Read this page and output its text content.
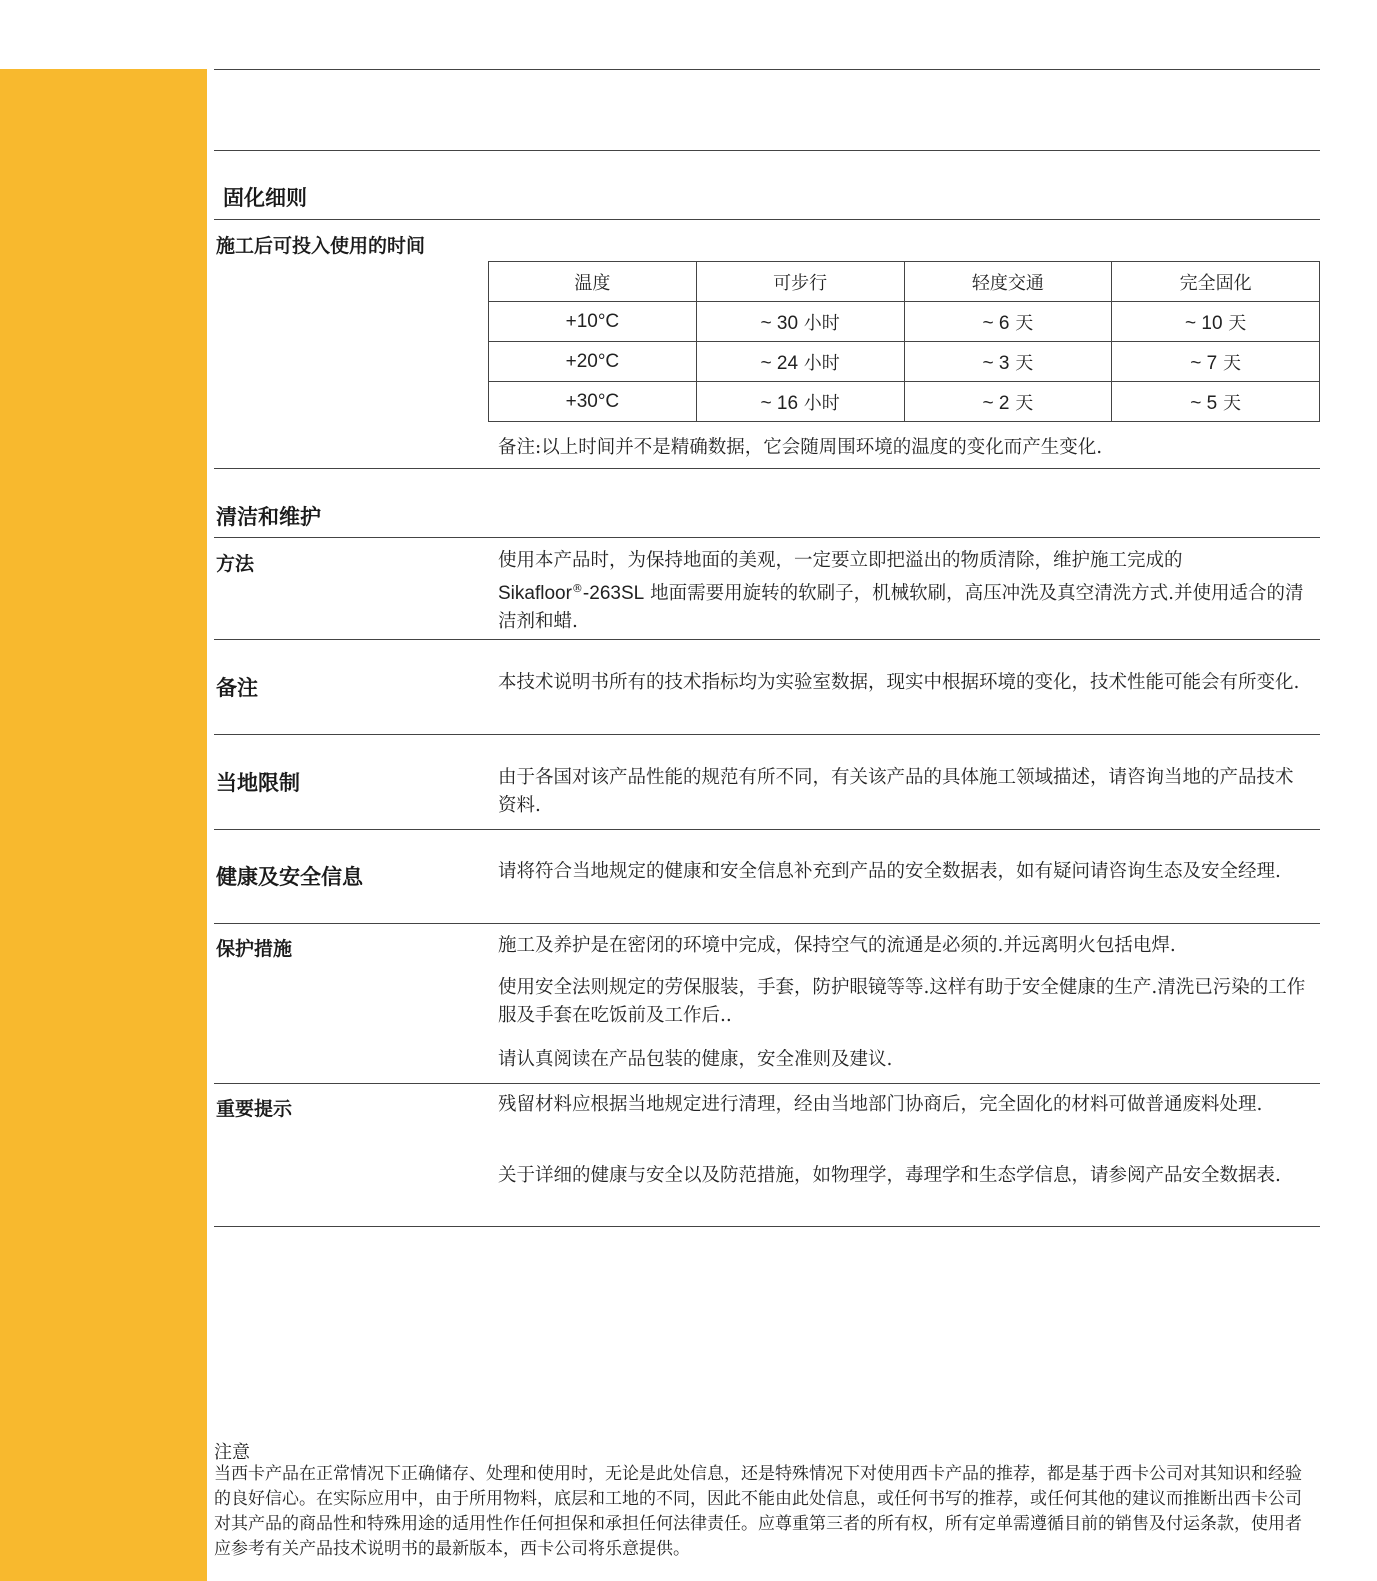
固化细则
施工后可投入使用的时间
温度	可步行	轻度交通	完全固化
+10°C	~ 30 小时	~ 6 天	~ 10 天
+20°C	~ 24 小时	~ 3 天	~ 7 天
+30°C	~ 16 小时	~ 2 天	~ 5 天
备注:以上时间并不是精确数据，它会随周围环境的温度的变化而产生变化.
清洁和维护
方法	使用本产品时，为保持地面的美观，一定要立即把溢出的物质清除，维护施工完成的 Sikafloor®-263SL 地面需要用旋转的软刷子，机械软刷，高压冲洗及真空清洗方式.并使用适合的清洁剂和蜡.
备注	本技术说明书所有的技术指标均为实验室数据，现实中根据环境的变化，技术性能可能会有所变化.
当地限制	由于各国对该产品性能的规范有所不同，有关该产品的具体施工领域描述，请咨询当地的产品技术资料.
健康及安全信息	请将符合当地规定的健康和安全信息补充到产品的安全数据表，如有疑问请咨询生态及安全经理.
保护措施	施工及养护是在密闭的环境中完成，保持空气的流通是必须的.并远离明火包括电焊.
使用安全法则规定的劳保服装，手套，防护眼镜等等.这样有助于安全健康的生产.清洗已污染的工作服及手套在吃饭前及工作后..
请认真阅读在产品包装的健康，安全准则及建议.
重要提示	残留材料应根据当地规定进行清理，经由当地部门协商后，完全固化的材料可做普通废料处理.
关于详细的健康与安全以及防范措施，如物理学，毒理学和生态学信息，请参阅产品安全数据表.
注意
当西卡产品在正常情况下正确储存、处理和使用时，无论是此处信息，还是特殊情况下对使用西卡产品的推荐，都是基于西卡公司对其知识和经验的良好信心。在实际应用中，由于所用物料，底层和工地的不同，因此不能由此处信息，或任何书写的推荐，或任何其他的建议而推断出西卡公司对其产品的商品性和特殊用途的适用性作任何担保和承担任何法律责任。应尊重第三者的所有权，所有定单需遵循目前的销售及付运条款，使用者应参考有关产品技术说明书的最新版本，西卡公司将乐意提供。
